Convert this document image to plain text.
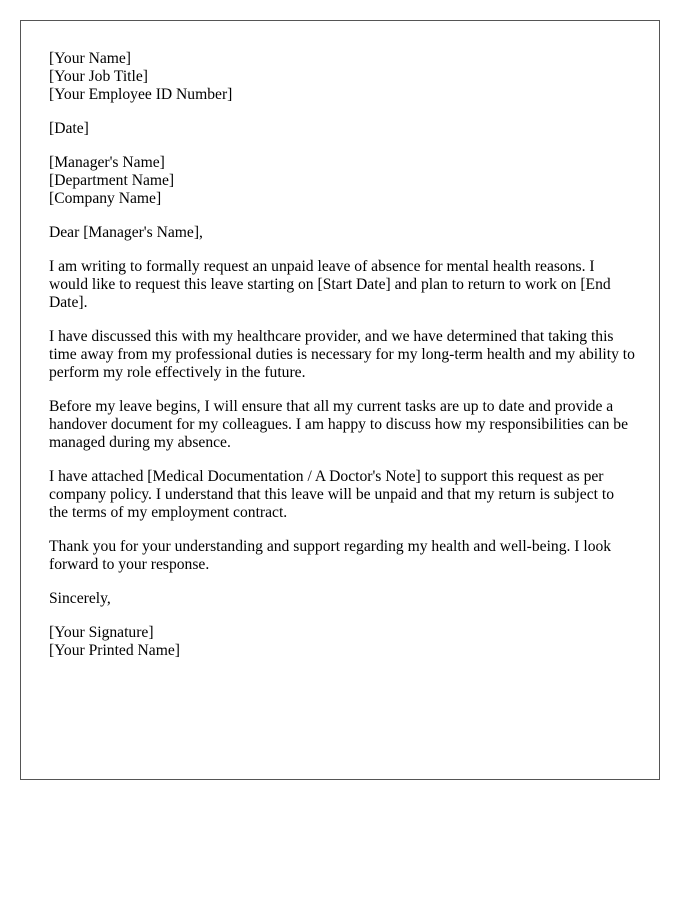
[Your Name]
[Your Job Title]
[Your Employee ID Number]
[Date]
[Manager's Name]
[Department Name]
[Company Name]

Dear [Manager's Name],

I am writing to formally request an unpaid leave of absence for mental health reasons. I would like to request this leave starting on [Start Date] and plan to return to work on [End Date].

I have discussed this with my healthcare provider, and we have determined that taking this time away from my professional duties is necessary for my long-term health and my ability to perform my role effectively in the future.

Before my leave begins, I will ensure that all my current tasks are up to date and provide a handover document for my colleagues. I am happy to discuss how my responsibilities can be managed during my absence.

I have attached [Medical Documentation / A Doctor's Note] to support this request as per company policy. I understand that this leave will be unpaid and that my return is subject to the terms of my employment contract.

Thank you for your understanding and support regarding my health and well-being. I look forward to your response.

Sincerely,

[Your Signature]
[Your Printed Name]
